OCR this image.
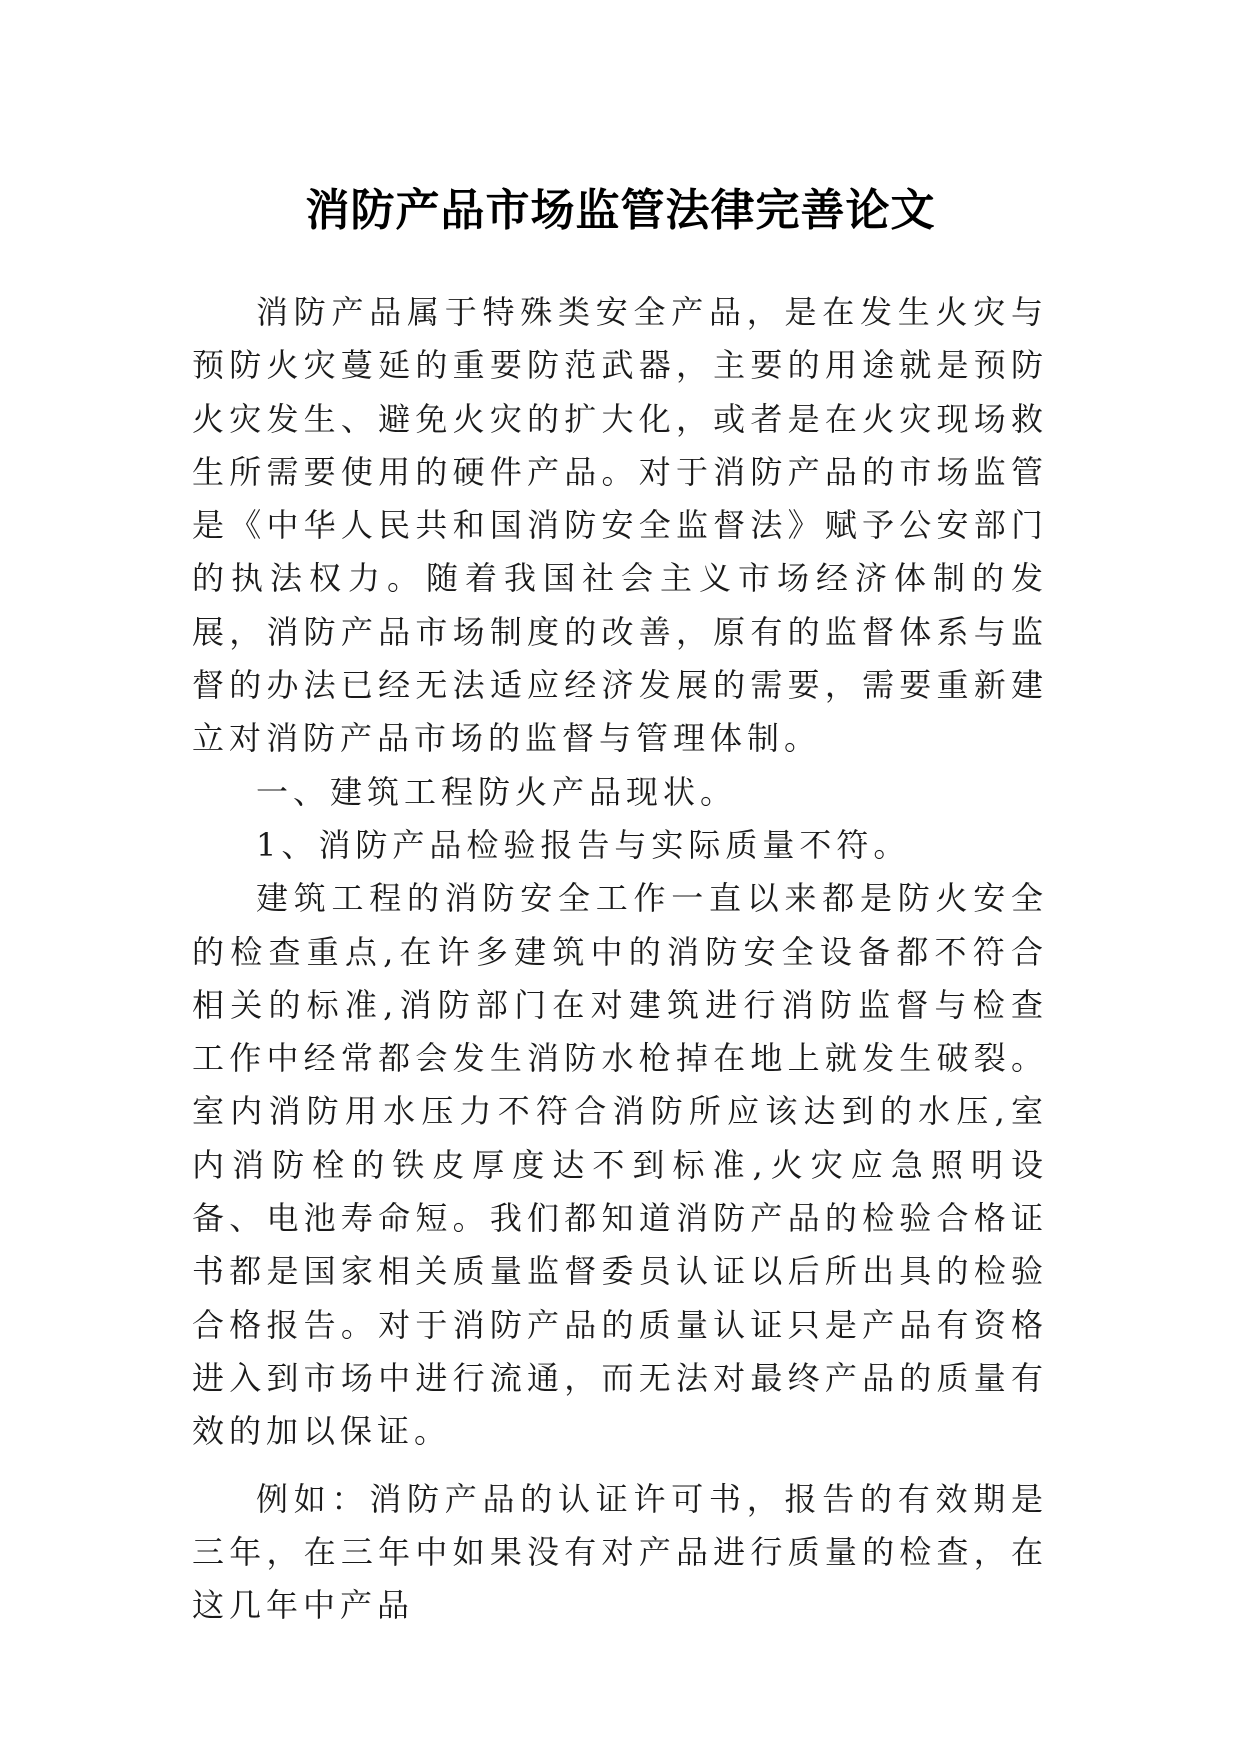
消防产品市场监管法律完善论文

消防产品属于特殊类安全产品，是在发生火灾与预防火灾蔓延的重要防范武器，主要的用途就是预防火灾发生、避免火灾的扩大化，或者是在火灾现场救生所需要使用的硬件产品。对于消防产品的市场监管是《中华人民共和国消防安全监督法》赋予公安部门的执法权力。随着我国社会主义市场经济体制的发展，消防产品市场制度的改善，原有的监督体系与监督的办法已经无法适应经济发展的需要，需要重新建立对消防产品市场的监督与管理体制。

一、建筑工程防火产品现状。

1、消防产品检验报告与实际质量不符。

建筑工程的消防安全工作一直以来都是防火安全的检查重点,在许多建筑中的消防安全设备都不符合相关的标准,消防部门在对建筑进行消防监督与检查工作中经常都会发生消防水枪掉在地上就发生破裂。室内消防用水压力不符合消防所应该达到的水压,室内消防栓的铁皮厚度达不到标准,火灾应急照明设备、电池寿命短。我们都知道消防产品的检验合格证书都是国家相关质量监督委员认证以后所出具的检验合格报告。对于消防产品的质量认证只是产品有资格进入到市场中进行流通，而无法对最终产品的质量有效的加以保证。

例如：消防产品的认证许可书，报告的有效期是三年，在三年中如果没有对产品进行质量的检查，在这几年中产品
